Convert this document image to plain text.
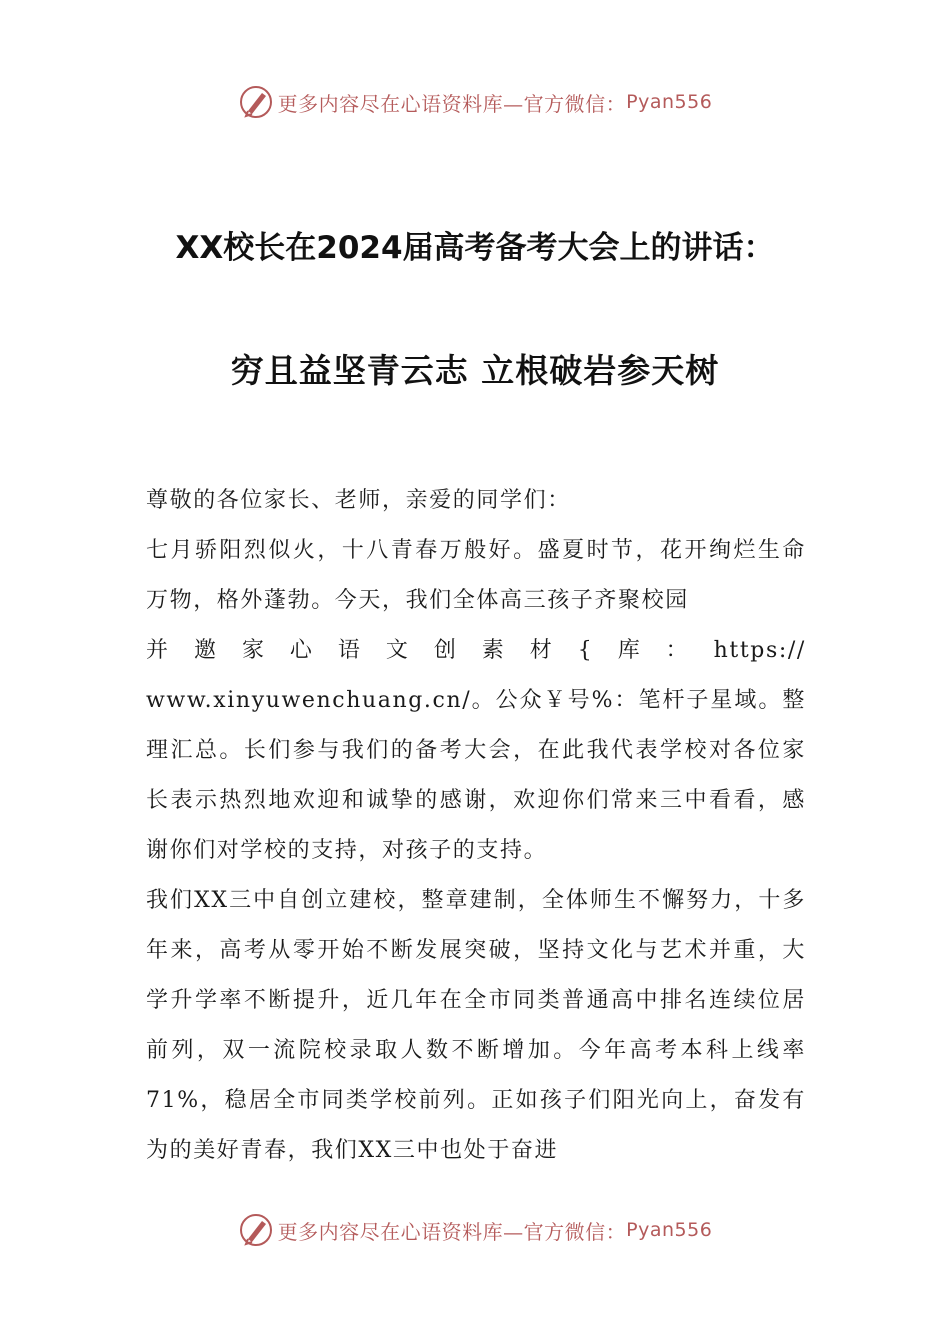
更多内容尽在心语资料库—官方微信： Pyan556
XX校长在2024届高考备考大会上的讲话：
穷且益坚青云志 立根破岩参天树

尊敬的各位家长、老师，亲爱的同学们：

七月骄阳烈似火，十八青春万般好。盛夏时节，花开绚烂生命万物，格外蓬勃。今天，我们全体高三孩子齐聚校园

并 邀 家 心 语 文 创 素 材 { 库 ： https://

www.xinyuwenchuang.cn/。公众￥号%：笔杆子星域。整理汇总。长们参与我们的备考大会，在此我代表学校对各位家长表示热烈地欢迎和诚挚的感谢，欢迎你们常来三中看看，感谢你们对学校的支持，对孩子的支持。

我们XX三中自创立建校，整章建制，全体师生不懈努力，十多年来，高考从零开始不断发展突破，坚持文化与艺术并重，大学升学率不断提升，近几年在全市同类普通高中排名连续位居前列，双一流院校录取人数不断增加。今年高考本科上线率71%，稳居全市同类学校前列。正如孩子们阳光向上，奋发有为的美好青春，我们XX三中也处于奋进

更多内容尽在心语资料库—官方微信： Pyan556
